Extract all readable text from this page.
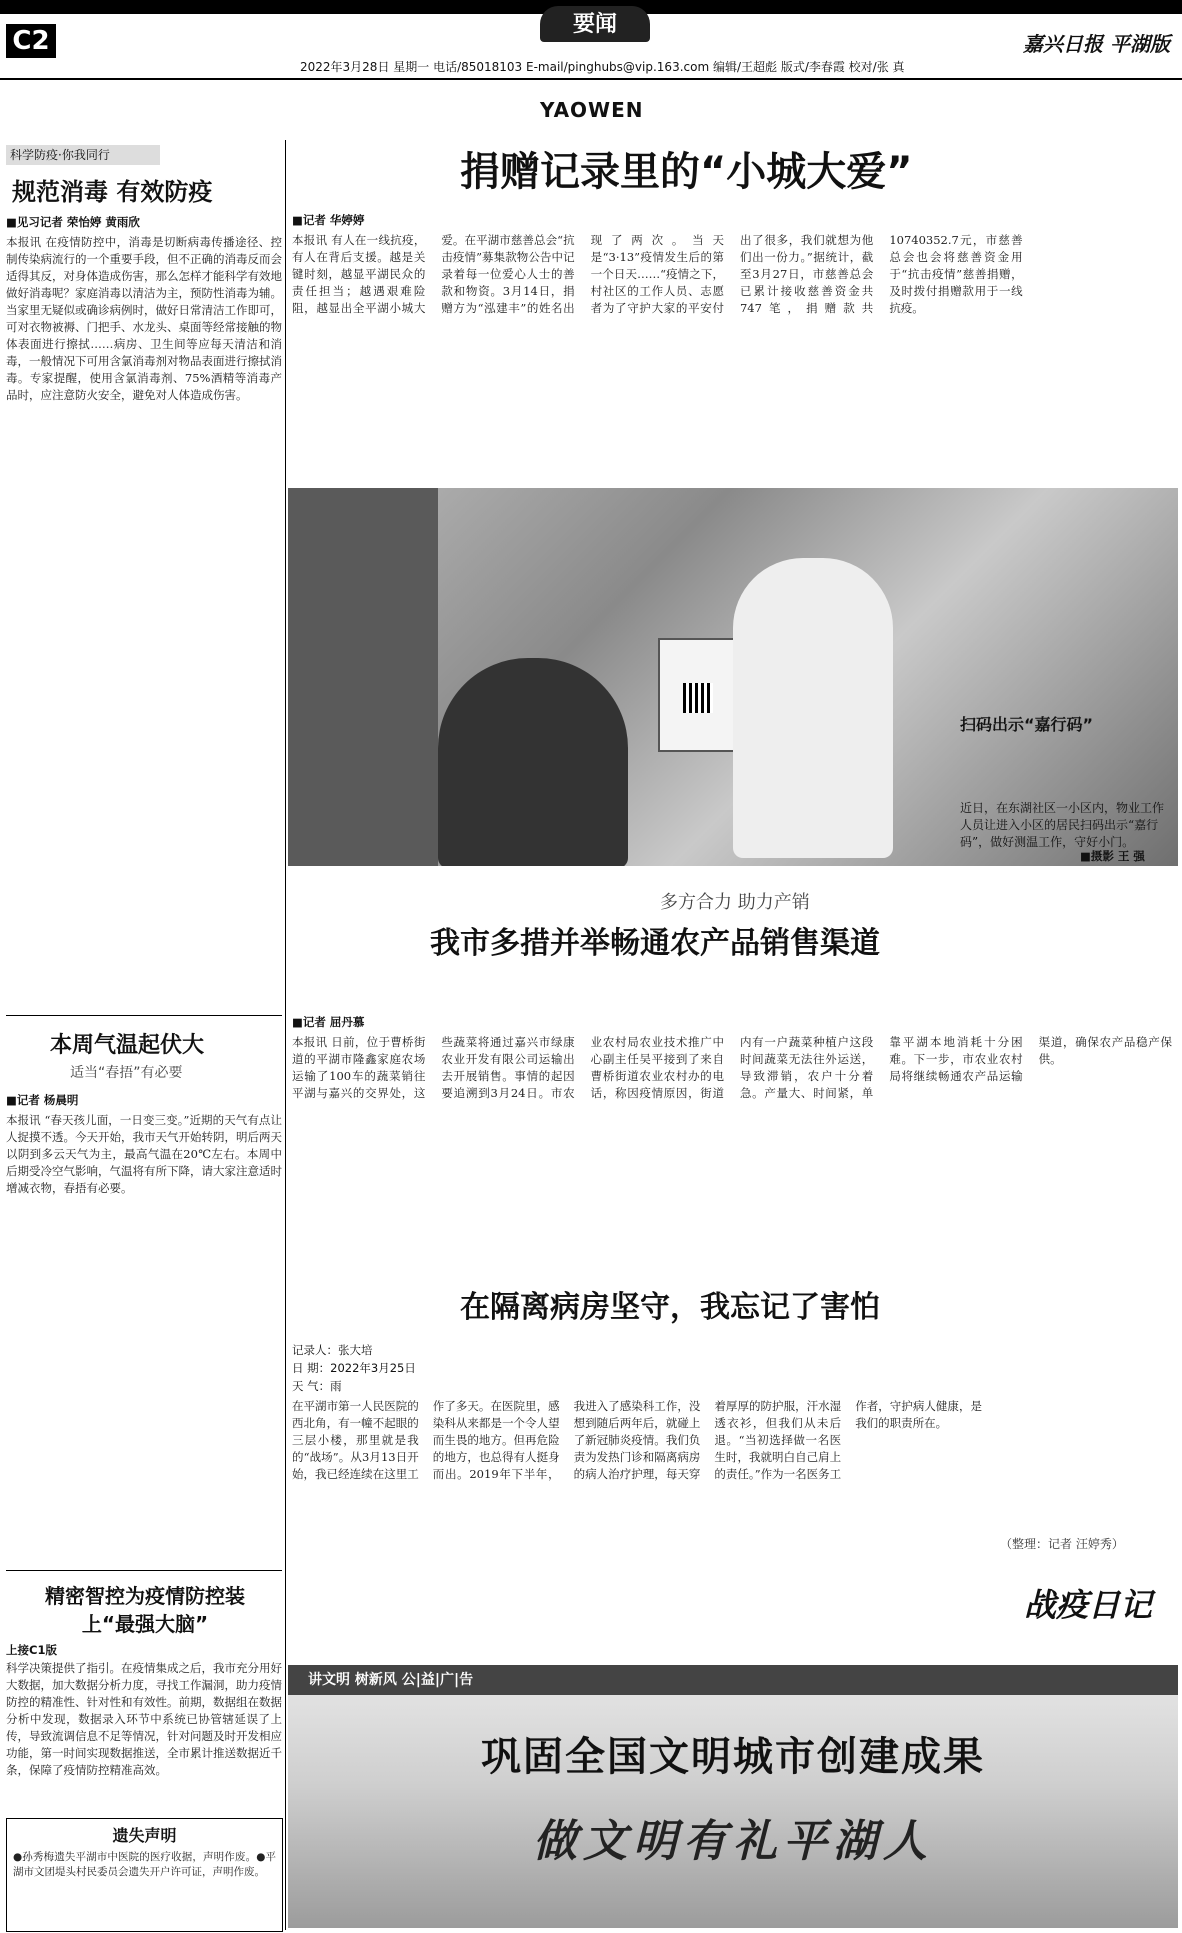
C2
要闻
2022年3月28日 星期一 电话/85018103 E-mail/pinghubs@vip.163.com 编辑/王超彪 版式/李春霞 校对/张 真
嘉兴日报 平湖版
YAOWEN
科学防疫·你我同行
规范消毒 有效防疫
■见习记者 荣怡婷 黄雨欣
本报讯 在疫情防控中，消毒是切断病毒传播途径、控制传染病流行的一个重要手段，但不正确的消毒反而会适得其反，对身体造成伤害，那么怎样才能科学有效地做好消毒呢？家庭消毒以清洁为主，预防性消毒为辅。当家里无疑似或确诊病例时，做好日常清洁工作即可，可对衣物被褥、门把手、水龙头、桌面等经常接触的物体表面进行擦拭……病房、卫生间等应每天清洁和消毒，一般情况下可用含氯消毒剂对物品表面进行擦拭消毒。专家提醒，使用含氯消毒剂、75%酒精等消毒产品时，应注意防火安全，避免对人体造成伤害。
本周气温起伏大
适当“春捂”有必要
■记者 杨晨明
本报讯 “春天孩儿面，一日变三变。”近期的天气有点让人捉摸不透。今天开始，我市天气开始转阴，明后两天以阴到多云天气为主，最高气温在20℃左右。本周中后期受冷空气影响，气温将有所下降，请大家注意适时增减衣物，春捂有必要。
精密智控为疫情防控装上“最强大脑”
上接C1版
科学决策提供了指引。在疫情集成之后，我市充分用好大数据，加大数据分析力度，寻找工作漏洞，助力疫情防控的精准性、针对性和有效性。前期，数据组在数据分析中发现，数据录入环节中系统已协管辖延误了上传，导致流调信息不足等情况，针对问题及时开发相应功能，第一时间实现数据推送，全市累计推送数据近千条，保障了疫情防控精准高效。
遗失声明
●孙秀梅遗失平湖市中医院的医疗收据，声明作废。●平湖市文团堤头村民委员会遗失开户许可证，声明作废。
捐赠记录里的“小城大爱”
■记者 华婷婷
本报讯 有人在一线抗疫，有人在背后支援。越是关键时刻，越显平湖民众的责任担当；越遇艰难险阻，越显出全平湖小城大爱。在平湖市慈善总会“抗击疫情”募集款物公告中记录着每一位爱心人士的善款和物资。3月14日，捐赠方为“泓建丰”的姓名出现了两次。当天是“3·13”疫情发生后的第一个日天……“疫情之下，村社区的工作人员、志愿者为了守护大家的平安付出了很多，我们就想为他们出一份力。”据统计，截至3月27日，市慈善总会已累计接收慈善资金共747笔，捐赠款共10740352.7元，市慈善总会也会将慈善资金用于“抗击疫情”慈善捐赠，及时拨付捐赠款用于一线抗疫。
扫码出示“嘉行码”
近日，在东湖社区一小区内，物业工作人员让进入小区的居民扫码出示“嘉行码”，做好测温工作，守好小门。
■摄影 王 强
多方合力 助力产销
我市多措并举畅通农产品销售渠道
■记者 屈丹慕
本报讯 日前，位于曹桥街道的平湖市隆鑫家庭农场运输了100车的蔬菜销往平湖与嘉兴的交界处，这些蔬菜将通过嘉兴市绿康农业开发有限公司运输出去开展销售。事情的起因要追溯到3月24日。市农业农村局农业技术推广中心副主任吴平接到了来自曹桥街道农业农村办的电话，称因疫情原因，街道内有一户蔬菜种植户这段时间蔬菜无法往外运送，导致滞销，农户十分着急。产量大、时间紧，单靠平湖本地消耗十分困难。下一步，市农业农村局将继续畅通农产品运输渠道，确保农产品稳产保供。
在隔离病房坚守，我忘记了害怕
记录人：张大培
日 期：2022年3月25日
天 气：雨
在平湖市第一人民医院的西北角，有一幢不起眼的三层小楼，那里就是我的“战场”。从3月13日开始，我已经连续在这里工作了多天。在医院里，感染科从来都是一个令人望而生畏的地方。但再危险的地方，也总得有人挺身而出。2019年下半年，我进入了感染科工作，没想到随后两年后，就碰上了新冠肺炎疫情。我们负责为发热门诊和隔离病房的病人治疗护理，每天穿着厚厚的防护服，汗水湿透衣衫，但我们从未后退。“当初选择做一名医生时，我就明白自己肩上的责任。”作为一名医务工作者，守护病人健康，是我们的职责所在。
（整理：记者 汪婷秀）
战疫日记
讲文明 树新风 公|益|广|告
巩固全国文明城市创建成果
做文明有礼平湖人
